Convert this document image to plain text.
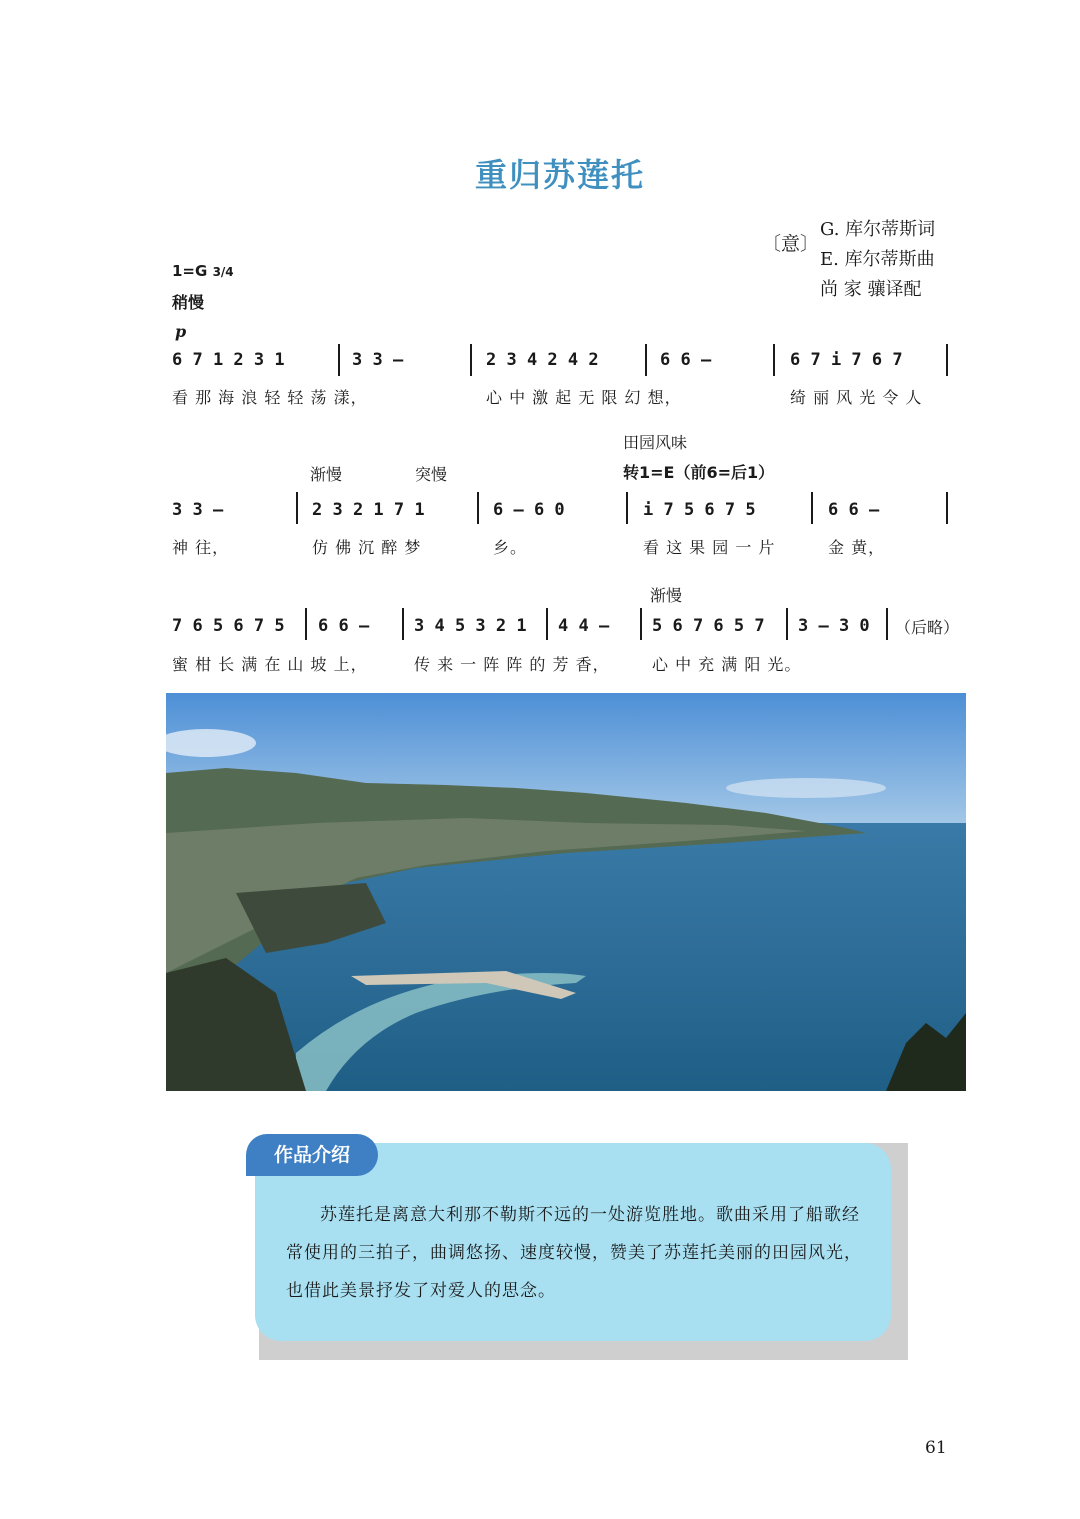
重归苏莲托
〔意〕
G. 库尔蒂斯词
E. 库尔蒂斯曲
尚 家 骧译配
1=G 3/4
稍慢
p
6 7 1 2 3 1	3 3 –	2 3 4 2 4 2	6 6 –	6 7 i 7 6 7
看 那 海 浪 轻 轻 荡 漾，	心 中 激 起 无 限 幻 想，	绮 丽 风 光 令 人
田园风味
渐慢	突慢	转1=E（前6=后1）
3 3 –	2 3 2 1 7 1	6 – 6 0	i 7 5 6 7 5	6 6 –
神 往，	仿 佛 沉 醉 梦	乡。	看 这 果 园 一 片	金 黄，
渐慢
7 6 5 6 7 5 6 6 –	3 4 5 3 2 1 4 4 –	5 6 7 6 5 7 3 – 3 0 （后略）
蜜 柑 长 满 在 山 坡 上，	传 来 一 阵 阵 的 芳 香，	心 中 充 满 阳 光。
作品介绍
苏莲托是离意大利那不勒斯不远的一处游览胜地。歌曲采用了船歌经常使用的三拍子，曲调悠扬、速度较慢，赞美了苏莲托美丽的田园风光，也借此美景抒发了对爱人的思念。
61
